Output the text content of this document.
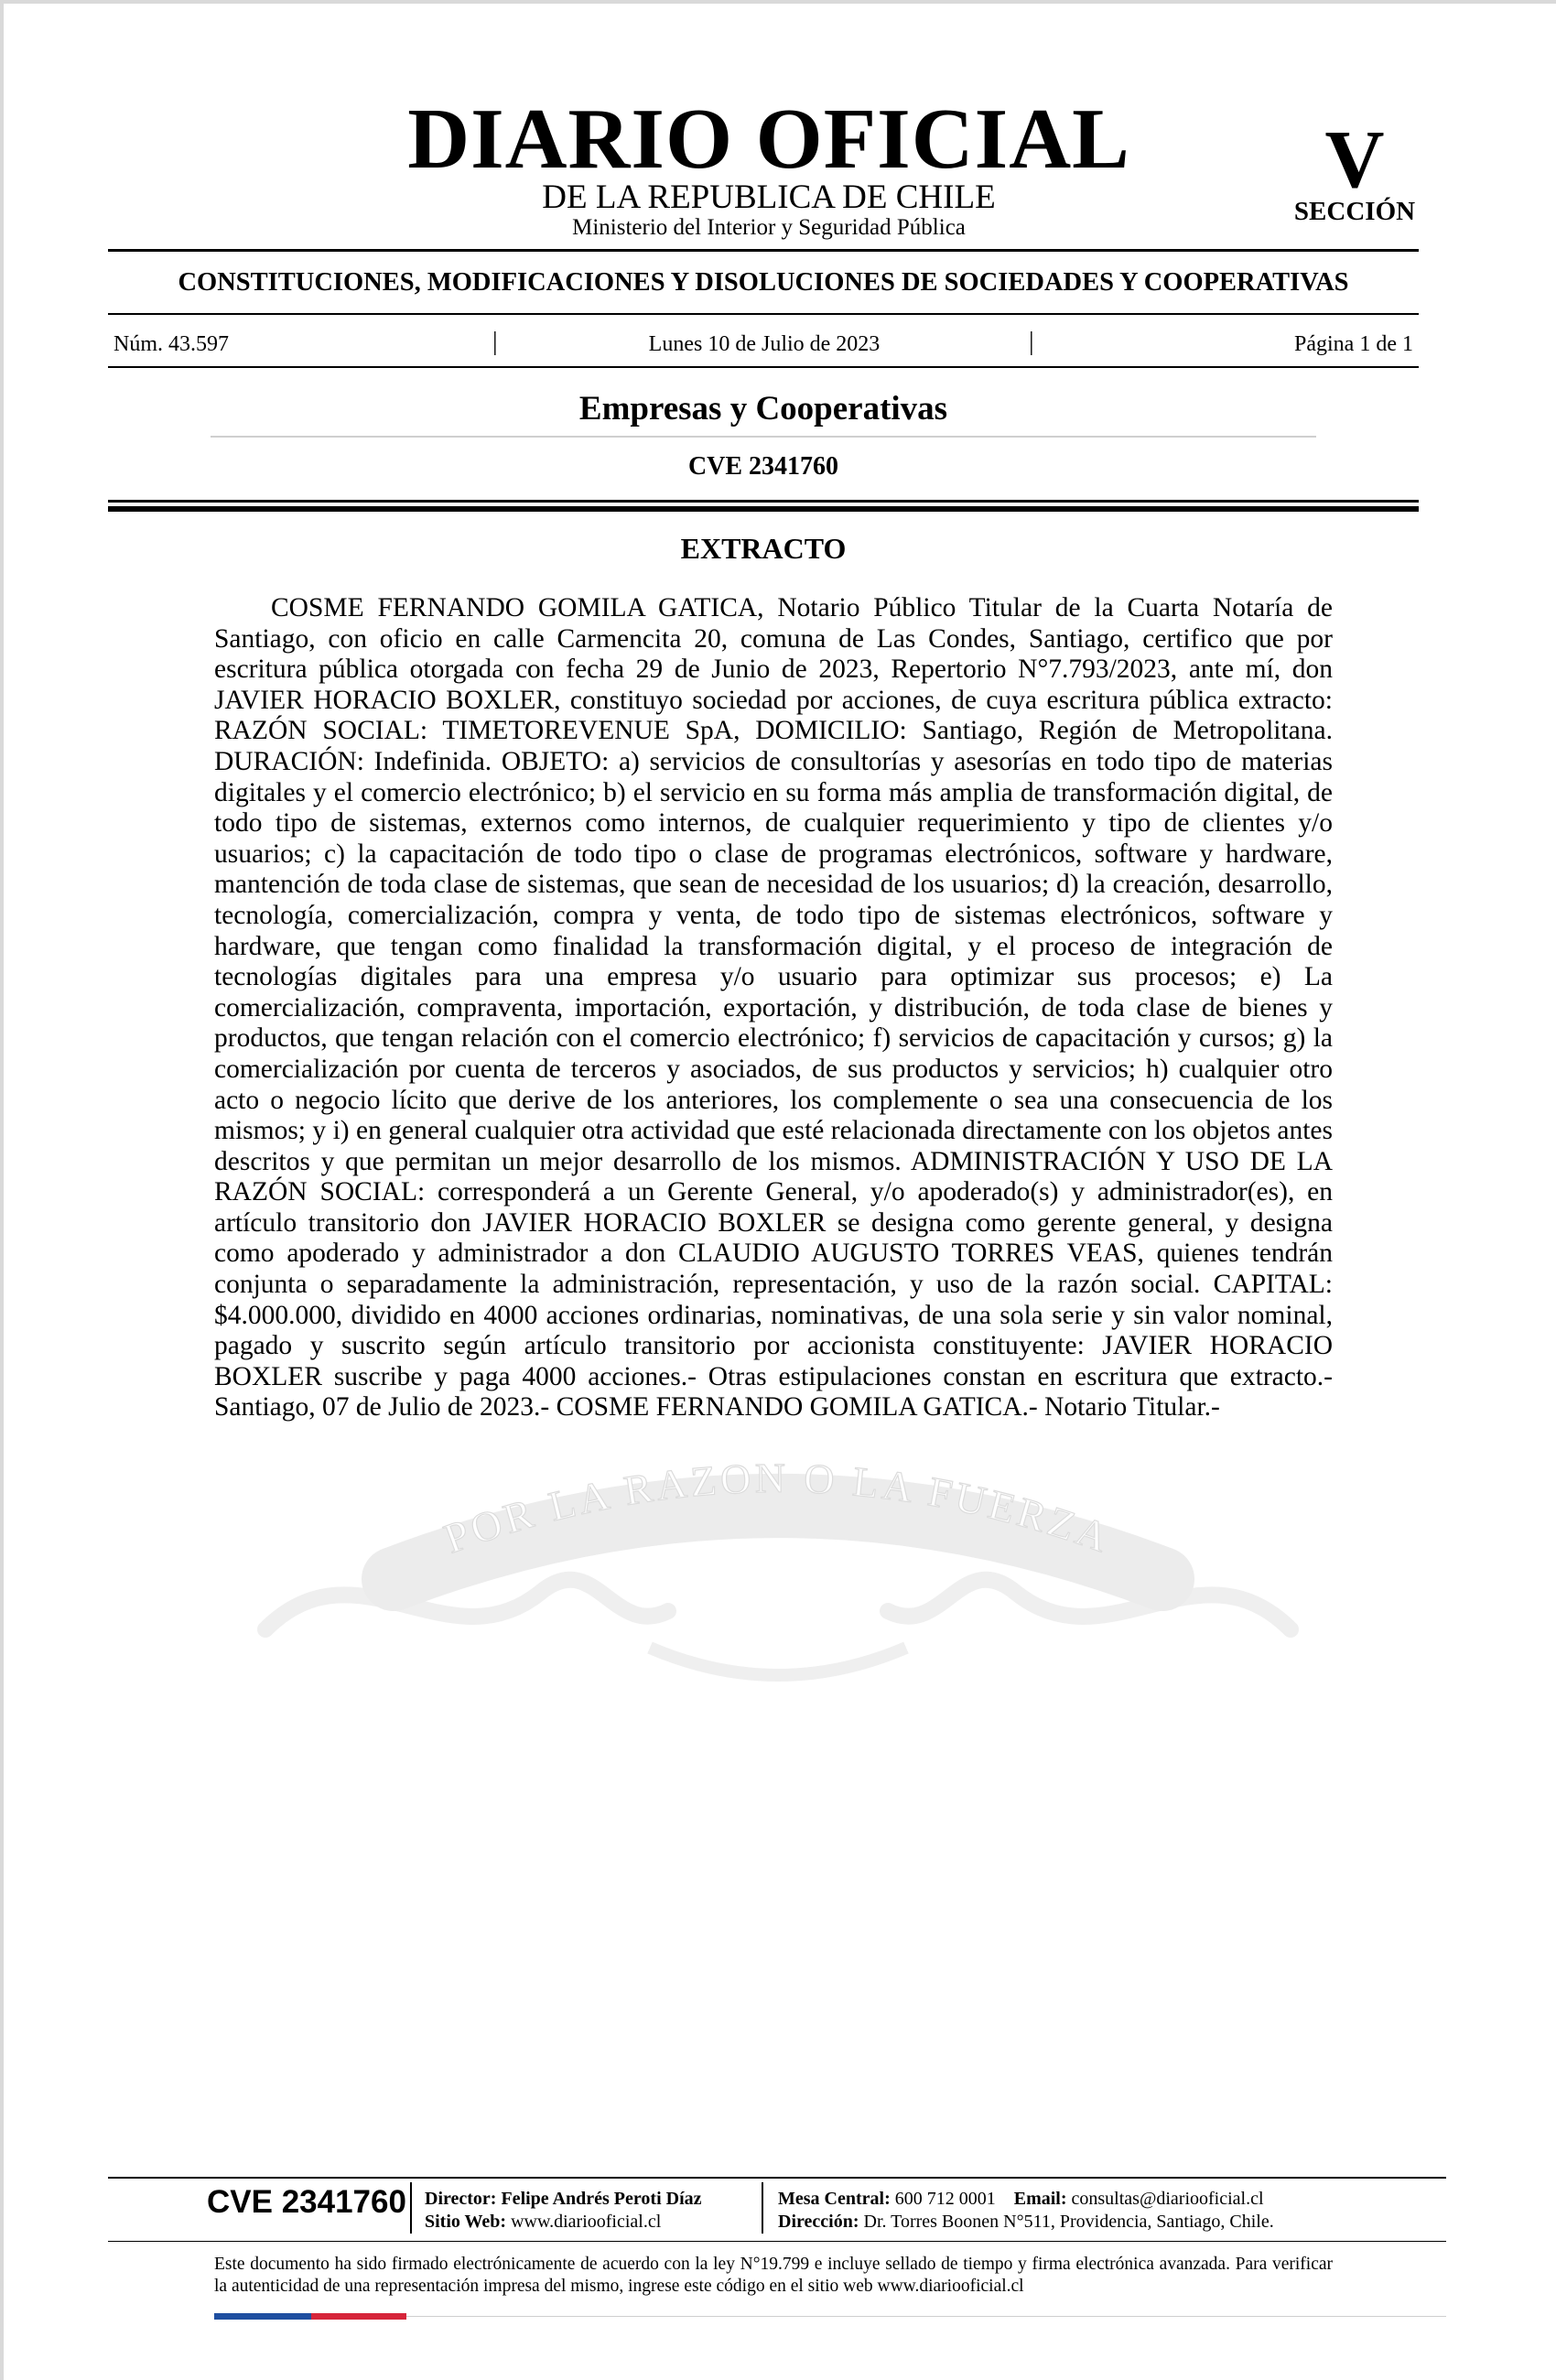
DIARIO OFICIAL
DE LA REPUBLICA DE CHILE
Ministerio del Interior y Seguridad Pública
V
SECCIÓN
CONSTITUCIONES, MODIFICACIONES Y DISOLUCIONES DE SOCIEDADES Y COOPERATIVAS
Núm. 43.597	|	Lunes 10 de Julio de 2023	|	Página 1 de 1
Empresas y Cooperativas
CVE 2341760
EXTRACTO

COSME FERNANDO GOMILA GATICA, Notario Público Titular de la Cuarta Notaría de Santiago, con oficio en calle Carmencita 20, comuna de Las Condes, Santiago, certifico que por escritura pública otorgada con fecha 29 de Junio de 2023, Repertorio N°7.793/2023, ante mí, don JAVIER HORACIO BOXLER, constituyo sociedad por acciones, de cuya escritura pública extracto: RAZÓN SOCIAL: TIMETOREVENUE SpA, DOMICILIO: Santiago, Región de Metropolitana. DURACIÓN: Indefinida. OBJETO: a) servicios de consultorías y asesorías en todo tipo de materias digitales y el comercio electrónico; b) el servicio en su forma más amplia de transformación digital, de todo tipo de sistemas, externos como internos, de cualquier requerimiento y tipo de clientes y/o usuarios; c) la capacitación de todo tipo o clase de programas electrónicos, software y hardware, mantención de toda clase de sistemas, que sean de necesidad de los usuarios; d) la creación, desarrollo, tecnología, comercialización, compra y venta, de todo tipo de sistemas electrónicos, software y hardware, que tengan como finalidad la transformación digital, y el proceso de integración de tecnologías digitales para una empresa y/o usuario para optimizar sus procesos; e) La comercialización, compraventa, importación, exportación, y distribución, de toda clase de bienes y productos, que tengan relación con el comercio electrónico; f) servicios de capacitación y cursos; g) la comercialización por cuenta de terceros y asociados, de sus productos y servicios; h) cualquier otro acto o negocio lícito que derive de los anteriores, los complemente o sea una consecuencia de los mismos; y i) en general cualquier otra actividad que esté relacionada directamente con los objetos antes descritos y que permitan un mejor desarrollo de los mismos. ADMINISTRACIÓN Y USO DE LA RAZÓN SOCIAL: corresponderá a un Gerente General, y/o apoderado(s) y administrador(es), en artículo transitorio don JAVIER HORACIO BOXLER se designa como gerente general, y designa como apoderado y administrador a don CLAUDIO AUGUSTO TORRES VEAS, quienes tendrán conjunta o separadamente la administración, representación, y uso de la razón social. CAPITAL: $4.000.000, dividido en 4000 acciones ordinarias, nominativas, de una sola serie y sin valor nominal, pagado y suscrito según artículo transitorio por accionista constituyente: JAVIER HORACIO BOXLER suscribe y paga 4000 acciones.- Otras estipulaciones constan en escritura que extracto.- Santiago, 07 de Julio de 2023.- COSME FERNANDO GOMILA GATICA.- Notario Titular.-

POR LA RAZON O LA FUERZA
CVE 2341760 Director: Felipe Andrés Peroti Díaz
Sitio Web: www.diariooficial.cl
Mesa Central: 600 712 0001 Email: consultas@diariooficial.cl
Dirección: Dr. Torres Boonen N°511, Providencia, Santiago, Chile.

Este documento ha sido firmado electrónicamente de acuerdo con la ley N°19.799 e incluye sellado de tiempo y firma electrónica avanzada. Para verificar la autenticidad de una representación impresa del mismo, ingrese este código en el sitio web www.diariooficial.cl
